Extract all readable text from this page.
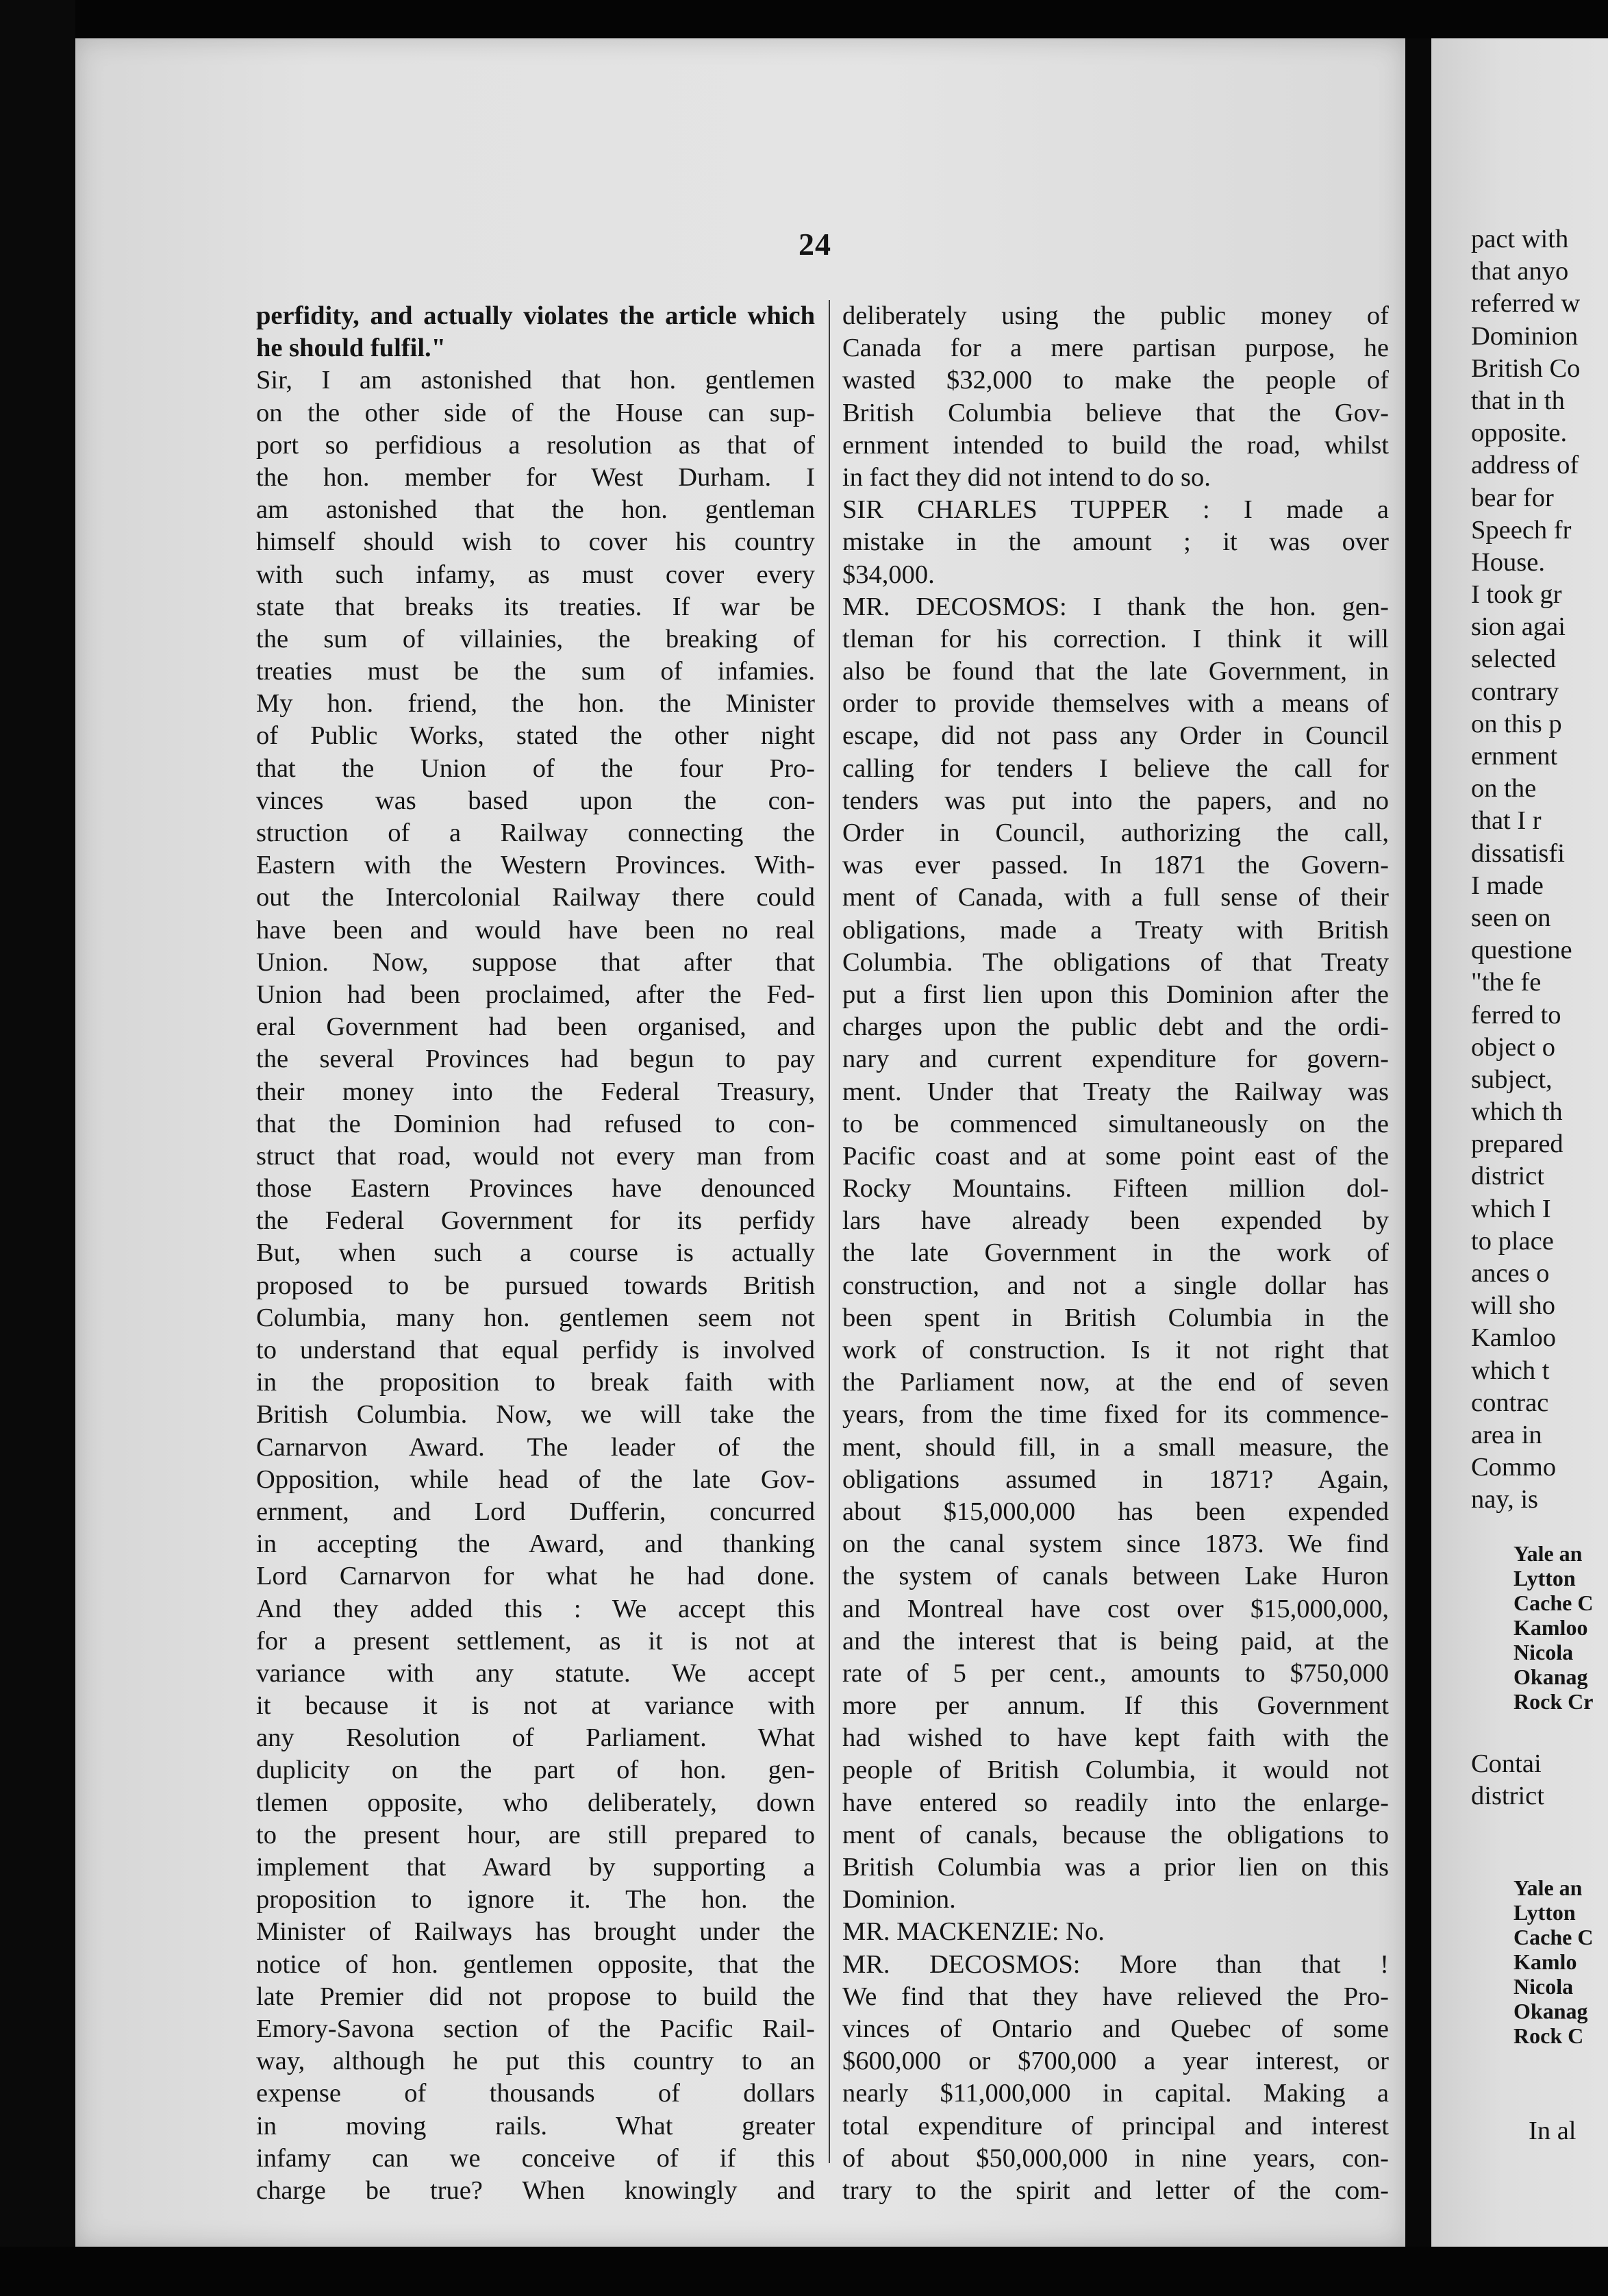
24
perfidity, and actually violates the article which
he should fulfil."
Sir, I am astonished that hon. gentlemen
on the other side of the House can sup-
port so perfidious a resolution as that of
the hon. member for West Durham. I
am astonished that the hon. gentleman
himself should wish to cover his country
with such infamy, as must cover every
state that breaks its treaties. If war be
the sum of villainies, the breaking of
treaties must be the sum of infamies.
My hon. friend, the hon. the Minister
of Public Works, stated the other night
that the Union of the four Pro-
vinces was based upon the con-
struction of a Railway connecting the
Eastern with the Western Provinces. With-
out the Intercolonial Railway there could
have been and would have been no real
Union. Now, suppose that after that
Union had been proclaimed, after the Fed-
eral Government had been organised, and
the several Provinces had begun to pay
their money into the Federal Treasury,
that the Dominion had refused to con-
struct that road, would not every man from
those Eastern Provinces have denounced
the Federal Government for its perfidy
But, when such a course is actually
proposed to be pursued towards British
Columbia, many hon. gentlemen seem not
to understand that equal perfidy is involved
in the proposition to break faith with
British Columbia. Now, we will take the
Carnarvon Award. The leader of the
Opposition, while head of the late Gov-
ernment, and Lord Dufferin, concurred
in accepting the Award, and thanking
Lord Carnarvon for what he had done.
And they added this : We accept this
for a present settlement, as it is not at
variance with any statute. We accept
it because it is not at variance with
any Resolution of Parliament. What
duplicity on the part of hon. gen-
tlemen opposite, who deliberately, down
to the present hour, are still prepared to
implement that Award by supporting a
proposition to ignore it. The hon. the
Minister of Railways has brought under the
notice of hon. gentlemen opposite, that the
late Premier did not propose to build the
Emory-Savona section of the Pacific Rail-
way, although he put this country to an
expense of thousands of dollars
in moving rails. What greater
infamy can we conceive of if this
charge be true? When knowingly and
deliberately using the public money of
Canada for a mere partisan purpose, he
wasted $32,000 to make the people of
British Columbia believe that the Gov-
ernment intended to build the road, whilst
in fact they did not intend to do so.
SIR CHARLES TUPPER : I made a
mistake in the amount ; it was over
$34,000.
MR. DECOSMOS: I thank the hon. gen-
tleman for his correction. I think it will
also be found that the late Government, in
order to provide themselves with a means of
escape, did not pass any Order in Council
calling for tenders I believe the call for
tenders was put into the papers, and no
Order in Council, authorizing the call,
was ever passed. In 1871 the Govern-
ment of Canada, with a full sense of their
obligations, made a Treaty with British
Columbia. The obligations of that Treaty
put a first lien upon this Dominion after the
charges upon the public debt and the ordi-
nary and current expenditure for govern-
ment. Under that Treaty the Railway was
to be commenced simultaneously on the
Pacific coast and at some point east of the
Rocky Mountains. Fifteen million dol-
lars have already been expended by
the late Government in the work of
construction, and not a single dollar has
been spent in British Columbia in the
work of construction. Is it not right that
the Parliament now, at the end of seven
years, from the time fixed for its commence-
ment, should fill, in a small measure, the
obligations assumed in 1871? Again,
about $15,000,000 has been expended
on the canal system since 1873. We find
the system of canals between Lake Huron
and Montreal have cost over $15,000,000,
and the interest that is being paid, at the
rate of 5 per cent., amounts to $750,000
more per annum. If this Government
had wished to have kept faith with the
people of British Columbia, it would not
have entered so readily into the enlarge-
ment of canals, because the obligations to
British Columbia was a prior lien on this
Dominion.
MR. MACKENZIE: No.
MR. DECOSMOS: More than that !
We find that they have relieved the Pro-
vinces of Ontario and Quebec of some
$600,000 or $700,000 a year interest, or
nearly $11,000,000 in capital. Making a
total expenditure of principal and interest
of about $50,000,000 in nine years, con-
trary to the spirit and letter of the com-
pact with
that anyo
referred w
Dominion
British Co
that in th
opposite.
address of
bear for
Speech fr
House.
I took gr
sion agai
selected
contrary
on this p
ernment
on the
that I r
dissatisfi
I made
seen on
questione
"the fe
ferred to
object o
subject,
which th
prepared
district
which I
to place
ances o
will sho
Kamloo
which t
contrac
area in
Commo
nay, is
Yale an
Lytton
Cache C
Kamloo
Nicola
Okanag
Rock Cr
Contai
district
Yale an
Lytton
Cache C
Kamlo
Nicola
Okanag
Rock C
In al
